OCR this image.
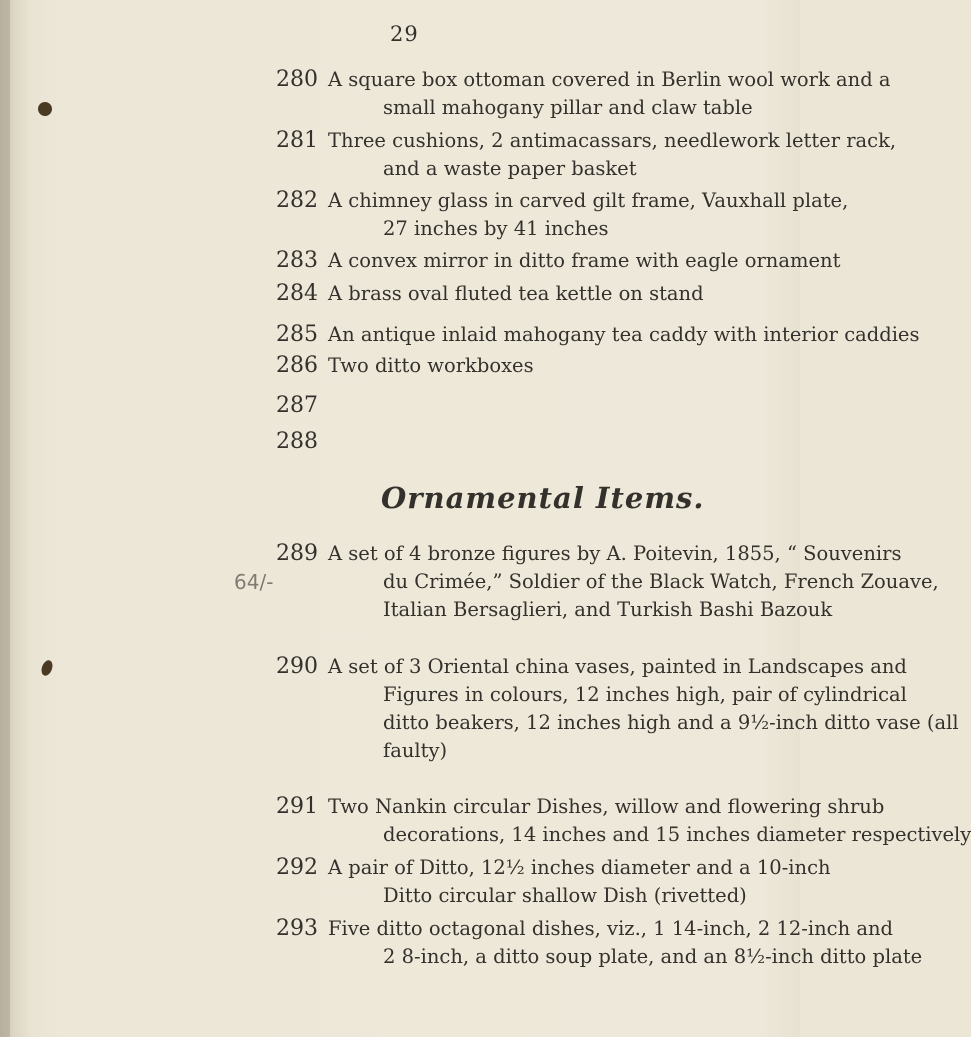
29
280 A square box ottoman covered in Berlin wool work and a
small mahogany pillar and claw table
281 Three cushions, 2 antimacassars, needlework letter rack,
and a waste paper basket
282 A chimney glass in carved gilt frame, Vauxhall plate,
27 inches by 41 inches
283 A convex mirror in ditto frame with eagle ornament
284 A brass oval fluted tea kettle on stand
285 An antique inlaid mahogany tea caddy with interior caddies
286 Two ditto workboxes
287
288
Ornamental Items.
289 A set of 4 bronze figures by A. Poitevin, 1855, “ Souvenirs
du Crimée,” Soldier of the Black Watch, French Zouave,
Italian Bersaglieri, and Turkish Bashi Bazouk
290 A set of 3 Oriental china vases, painted in Landscapes and
Figures in colours, 12 inches high, pair of cylindrical
ditto beakers, 12 inches high and a 9½-inch ditto vase (all
faulty)
291 Two Nankin circular Dishes, willow and flowering shrub
decorations, 14 inches and 15 inches diameter respectively
292 A pair of Ditto, 12½ inches diameter and a 10-inch
Ditto circular shallow Dish (rivetted)
293 Five ditto octagonal dishes, viz., 1 14-inch, 2 12-inch and
2 8-inch, a ditto soup plate, and an 8½-inch ditto plate
64/-
